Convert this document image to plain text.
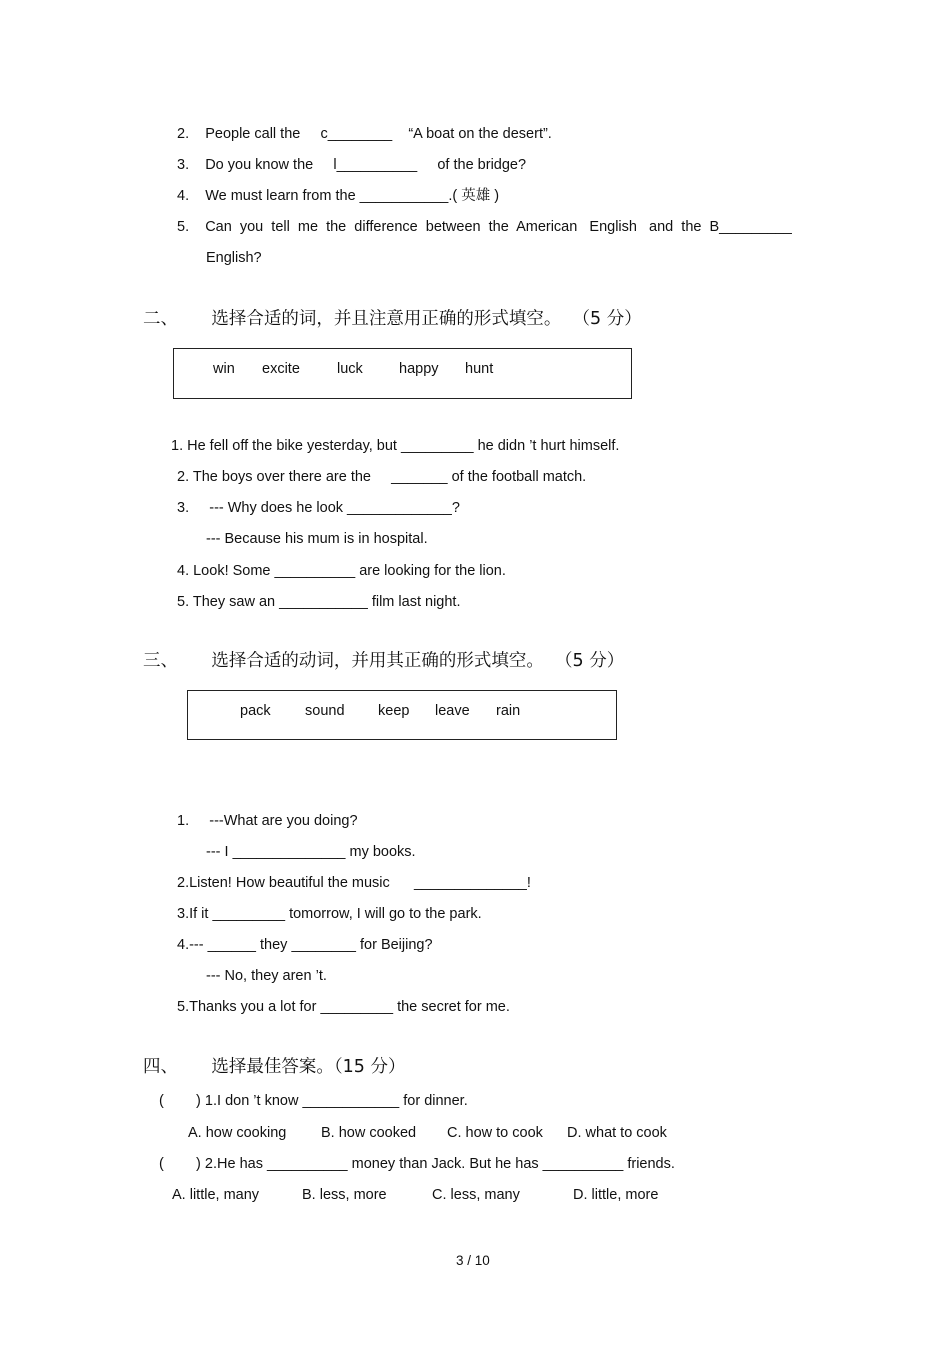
2.    People call the     c________    “A boat on the desert”.
3.    Do you know the     l__________     of the bridge?
4.    We must learn from the ___________.( 英雄 )
5.    Can  you  tell  me  the  difference  between  the  American   English   and  the  B_________
English?
二、      选择合适的词，并且注意用正确的形式填空。  （5 分）
win excite	luck happy hunt
1. He fell off the bike yesterday, but _________ he didn ’t hurt himself.
2. The boys over there are the     _______ of the football match.
3.     --- Why does he look _____________?
--- Because his mum is in hospital.
4. Look! Some __________ are looking for the lion.
5. They saw an ___________ film last night.
三、      选择合适的动词，并用其正确的形式填空。  （5 分）
pack sound keep leave rain
1.     ---What are you doing?
--- I ______________ my books.
2.Listen! How beautiful the music      ______________!
3.If it _________ tomorrow, I will go to the park.
4.--- ______ they ________ for Beijing?
--- No, they aren ’t.
5.Thanks you a lot for _________ the secret for me.
四、      选择最佳答案。（15 分）
(        ) 1.I don ’t know ____________ for dinner.
A. how cooking B. how cooked C. how to cook D. what to cook
(        ) 2.He has __________ money than Jack. But he has __________ friends.
A. little, many	B. less, more	C. less, many	D. little, more
3 / 10
